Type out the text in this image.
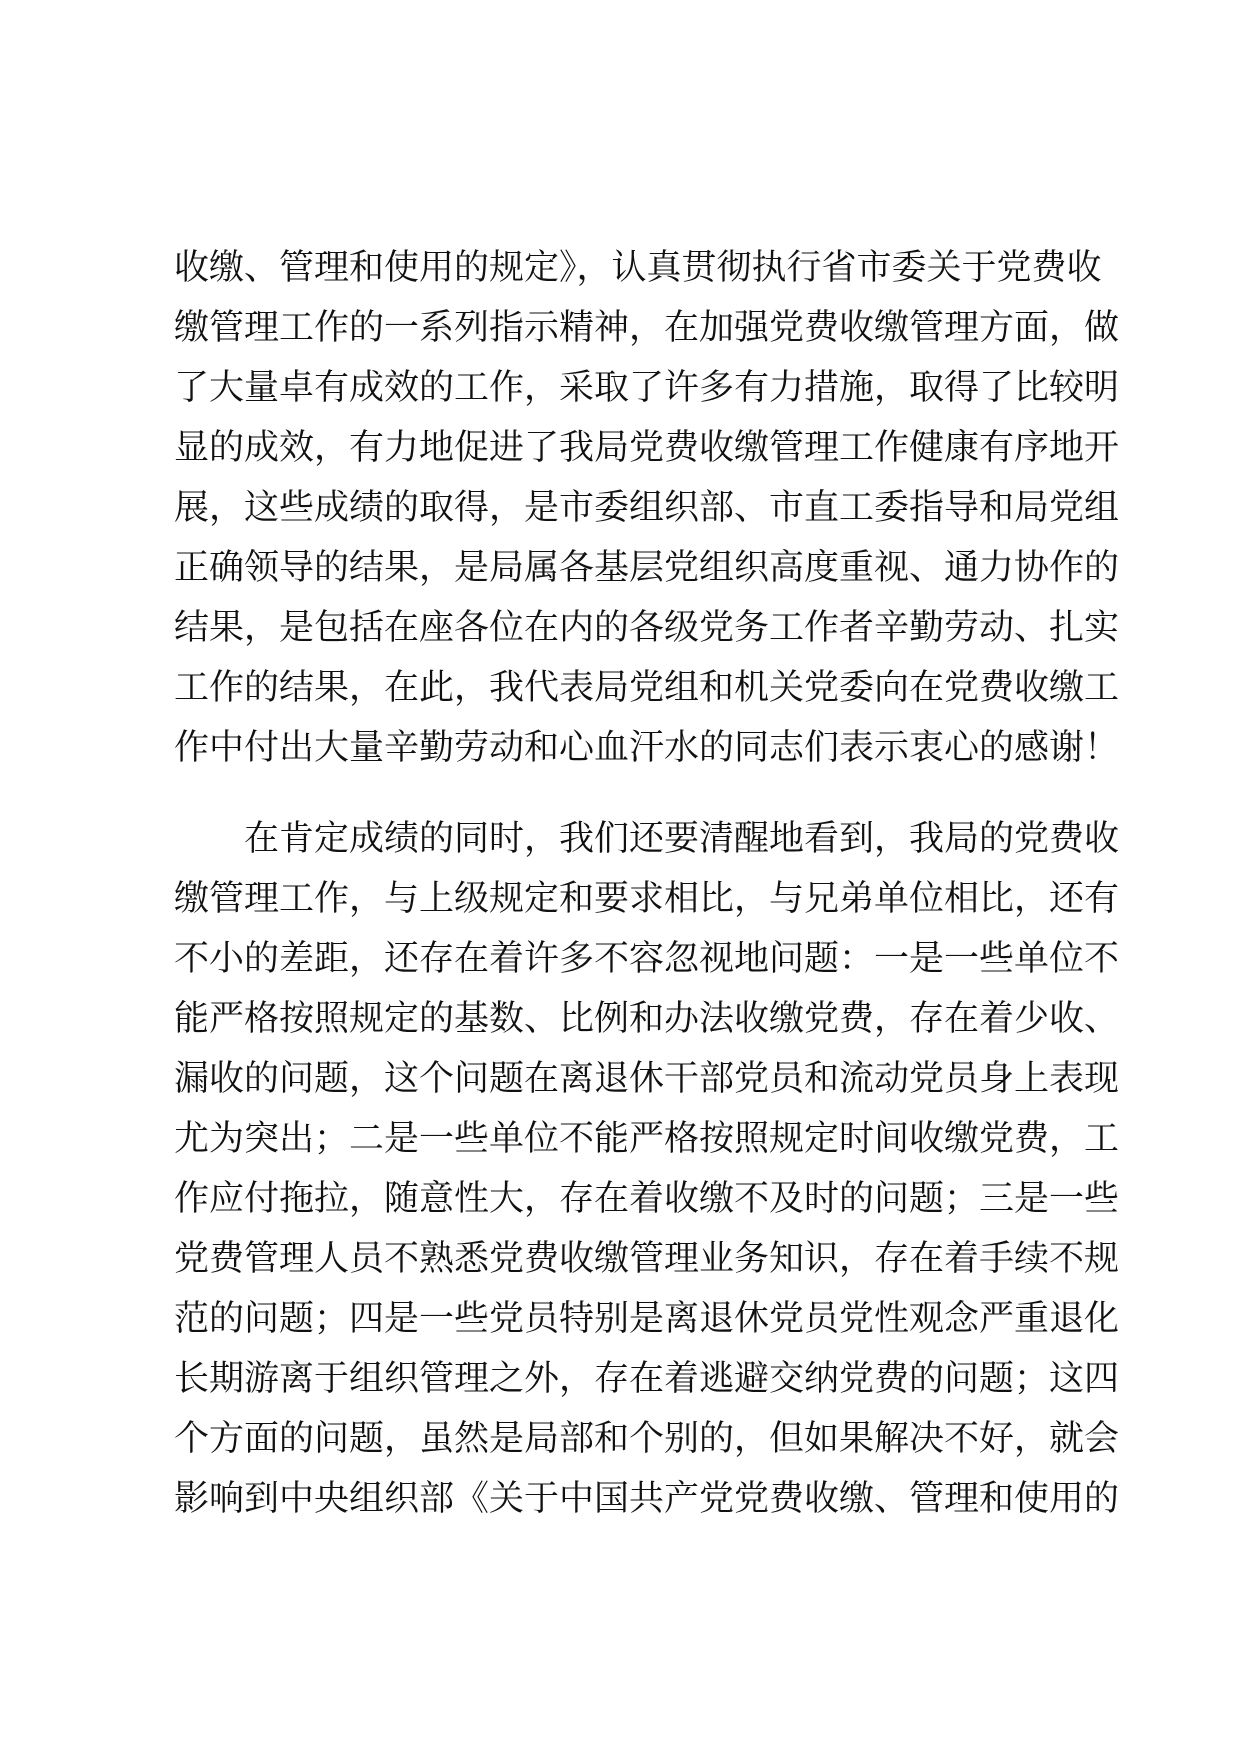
收缴、管理和使用的规定》，认真贯彻执行省市委关于党费收
缴管理工作的一系列指示精神，在加强党费收缴管理方面，做
了大量卓有成效的工作，采取了许多有力措施，取得了比较明
显的成效，有力地促进了我局党费收缴管理工作健康有序地开
展，这些成绩的取得，是市委组织部、市直工委指导和局党组
正确领导的结果，是局属各基层党组织高度重视、通力协作的
结果，是包括在座各位在内的各级党务工作者辛勤劳动、扎实
工作的结果，在此，我代表局党组和机关党委向在党费收缴工
作中付出大量辛勤劳动和心血汗水的同志们表示衷心的感谢！
在肯定成绩的同时，我们还要清醒地看到，我局的党费收
缴管理工作，与上级规定和要求相比，与兄弟单位相比，还有
不小的差距，还存在着许多不容忽视地问题：一是一些单位不
能严格按照规定的基数、比例和办法收缴党费，存在着少收、
漏收的问题，这个问题在离退休干部党员和流动党员身上表现
尤为突出；二是一些单位不能严格按照规定时间收缴党费，工
作应付拖拉，随意性大，存在着收缴不及时的问题；三是一些
党费管理人员不熟悉党费收缴管理业务知识，存在着手续不规
范的问题；四是一些党员特别是离退休党员党性观念严重退化
长期游离于组织管理之外，存在着逃避交纳党费的问题；这四
个方面的问题，虽然是局部和个别的，但如果解决不好，就会
影响到中央组织部《关于中国共产党党费收缴、管理和使用的
